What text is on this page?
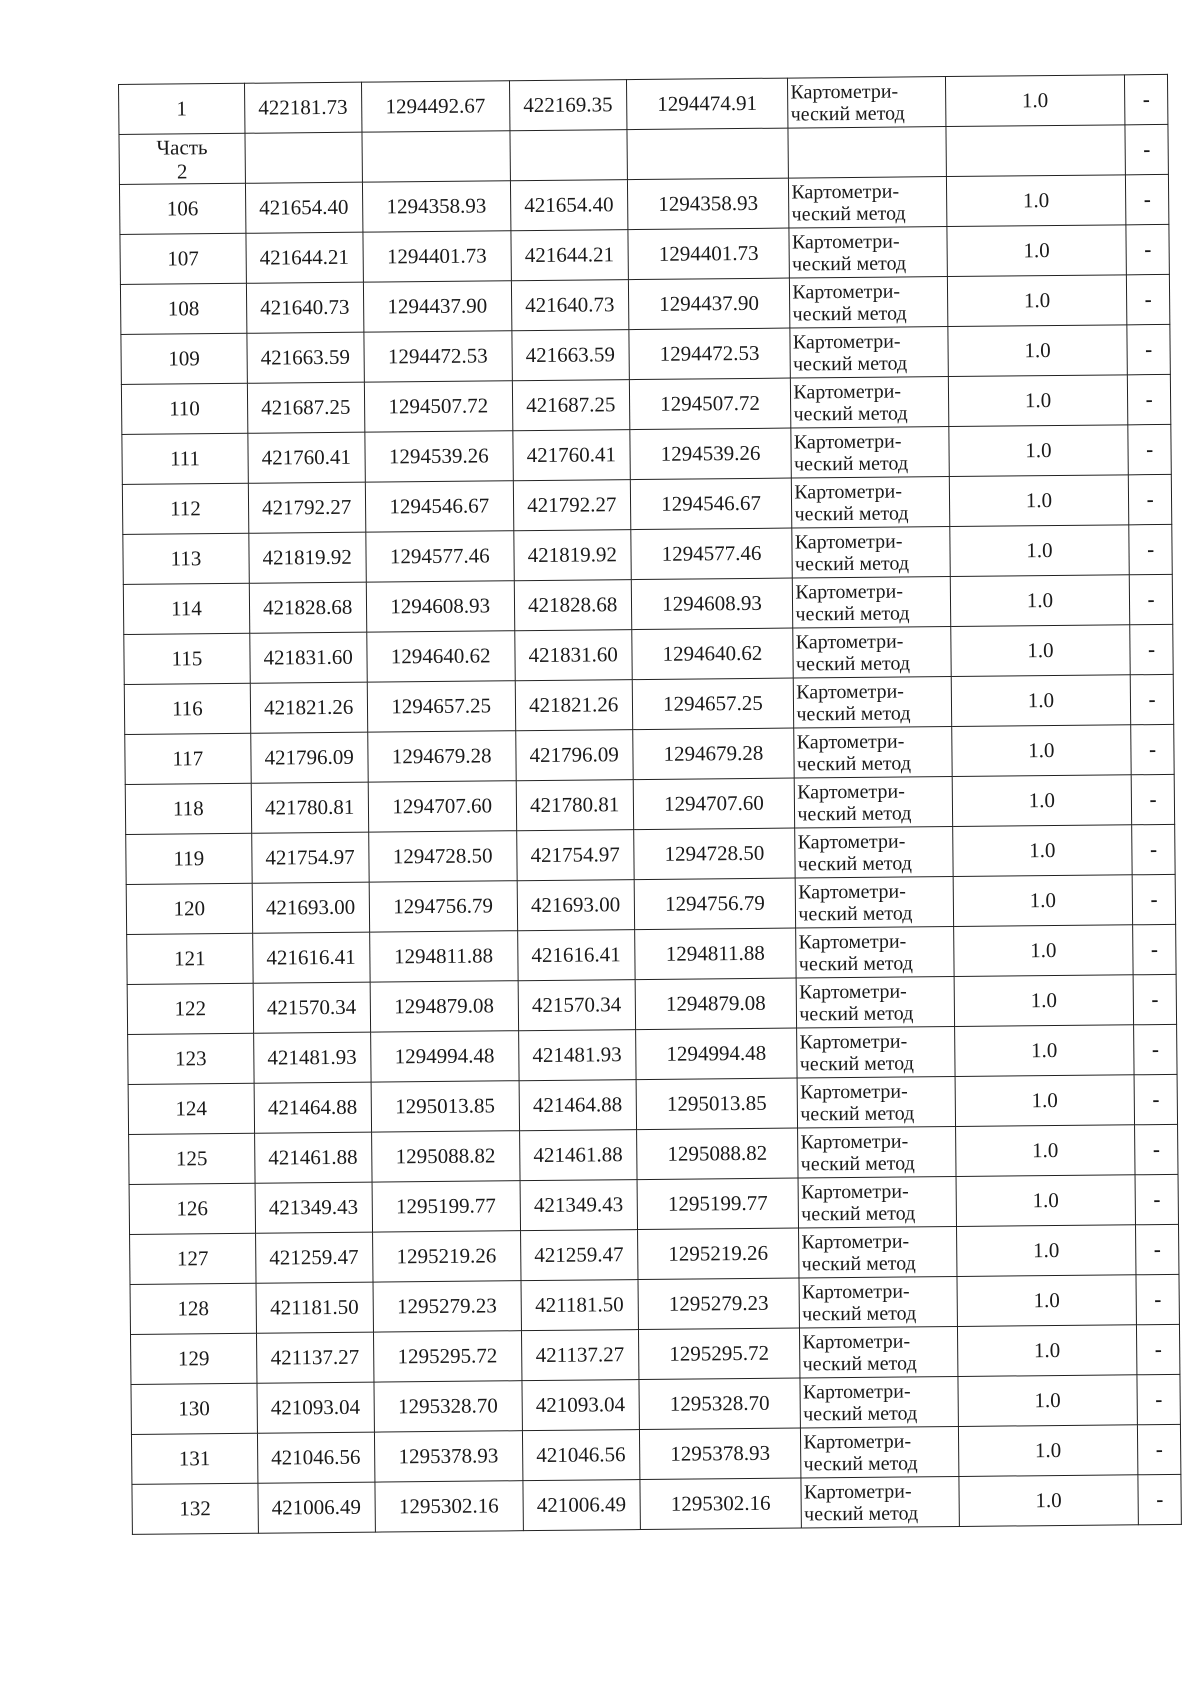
1	422181.73	1294492.67	422169.35	1294474.91	Картометри-
ческий метод	1.0	-

Часть
2							-
106	421654.40	1294358.93	421654.40	1294358.93	Картометри-
ческий метод	1.0	-
107	421644.21	1294401.73	421644.21	1294401.73	Картометри-
ческий метод	1.0	-
108	421640.73	1294437.90	421640.73	1294437.90	Картометри-
ческий метод	1.0	-
109	421663.59	1294472.53	421663.59	1294472.53	Картометри-
ческий метод	1.0	-
110	421687.25	1294507.72	421687.25	1294507.72	Картометри-
ческий метод	1.0	-
111	421760.41	1294539.26	421760.41	1294539.26	Картометри-
ческий метод	1.0	-
112	421792.27	1294546.67	421792.27	1294546.67	Картометри-
ческий метод	1.0	-
113	421819.92	1294577.46	421819.92	1294577.46	Картометри-
ческий метод	1.0	-
114	421828.68	1294608.93	421828.68	1294608.93	Картометри-
ческий метод	1.0	-
115	421831.60	1294640.62	421831.60	1294640.62	Картометри-
ческий метод	1.0	-
116	421821.26	1294657.25	421821.26	1294657.25	Картометри-
ческий метод	1.0	-
117	421796.09	1294679.28	421796.09	1294679.28	Картометри-
ческий метод	1.0	-
118	421780.81	1294707.60	421780.81	1294707.60	Картометри-
ческий метод	1.0	-
119	421754.97	1294728.50	421754.97	1294728.50	Картометри-
ческий метод	1.0	-
120	421693.00	1294756.79	421693.00	1294756.79	Картометри-
ческий метод	1.0	-
121	421616.41	1294811.88	421616.41	1294811.88	Картометри-
ческий метод	1.0	-
122	421570.34	1294879.08	421570.34	1294879.08	Картометри-
ческий метод	1.0	-
123	421481.93	1294994.48	421481.93	1294994.48	Картометри-
ческий метод	1.0	-
124	421464.88	1295013.85	421464.88	1295013.85	Картометри-
ческий метод	1.0	-
125	421461.88	1295088.82	421461.88	1295088.82	Картометри-
ческий метод	1.0	-
126	421349.43	1295199.77	421349.43	1295199.77	Картометри-
ческий метод	1.0	-
127	421259.47	1295219.26	421259.47	1295219.26	Картометри-
ческий метод	1.0	-
128	421181.50	1295279.23	421181.50	1295279.23	Картометри-
ческий метод	1.0	-
129	421137.27	1295295.72	421137.27	1295295.72	Картометри-
ческий метод	1.0	-
130	421093.04	1295328.70	421093.04	1295328.70	Картометри-
ческий метод	1.0	-
131	421046.56	1295378.93	421046.56	1295378.93	Картометри-
ческий метод	1.0	-
132	421006.49	1295302.16	421006.49	1295302.16	Картометри-
ческий метод	1.0	-
